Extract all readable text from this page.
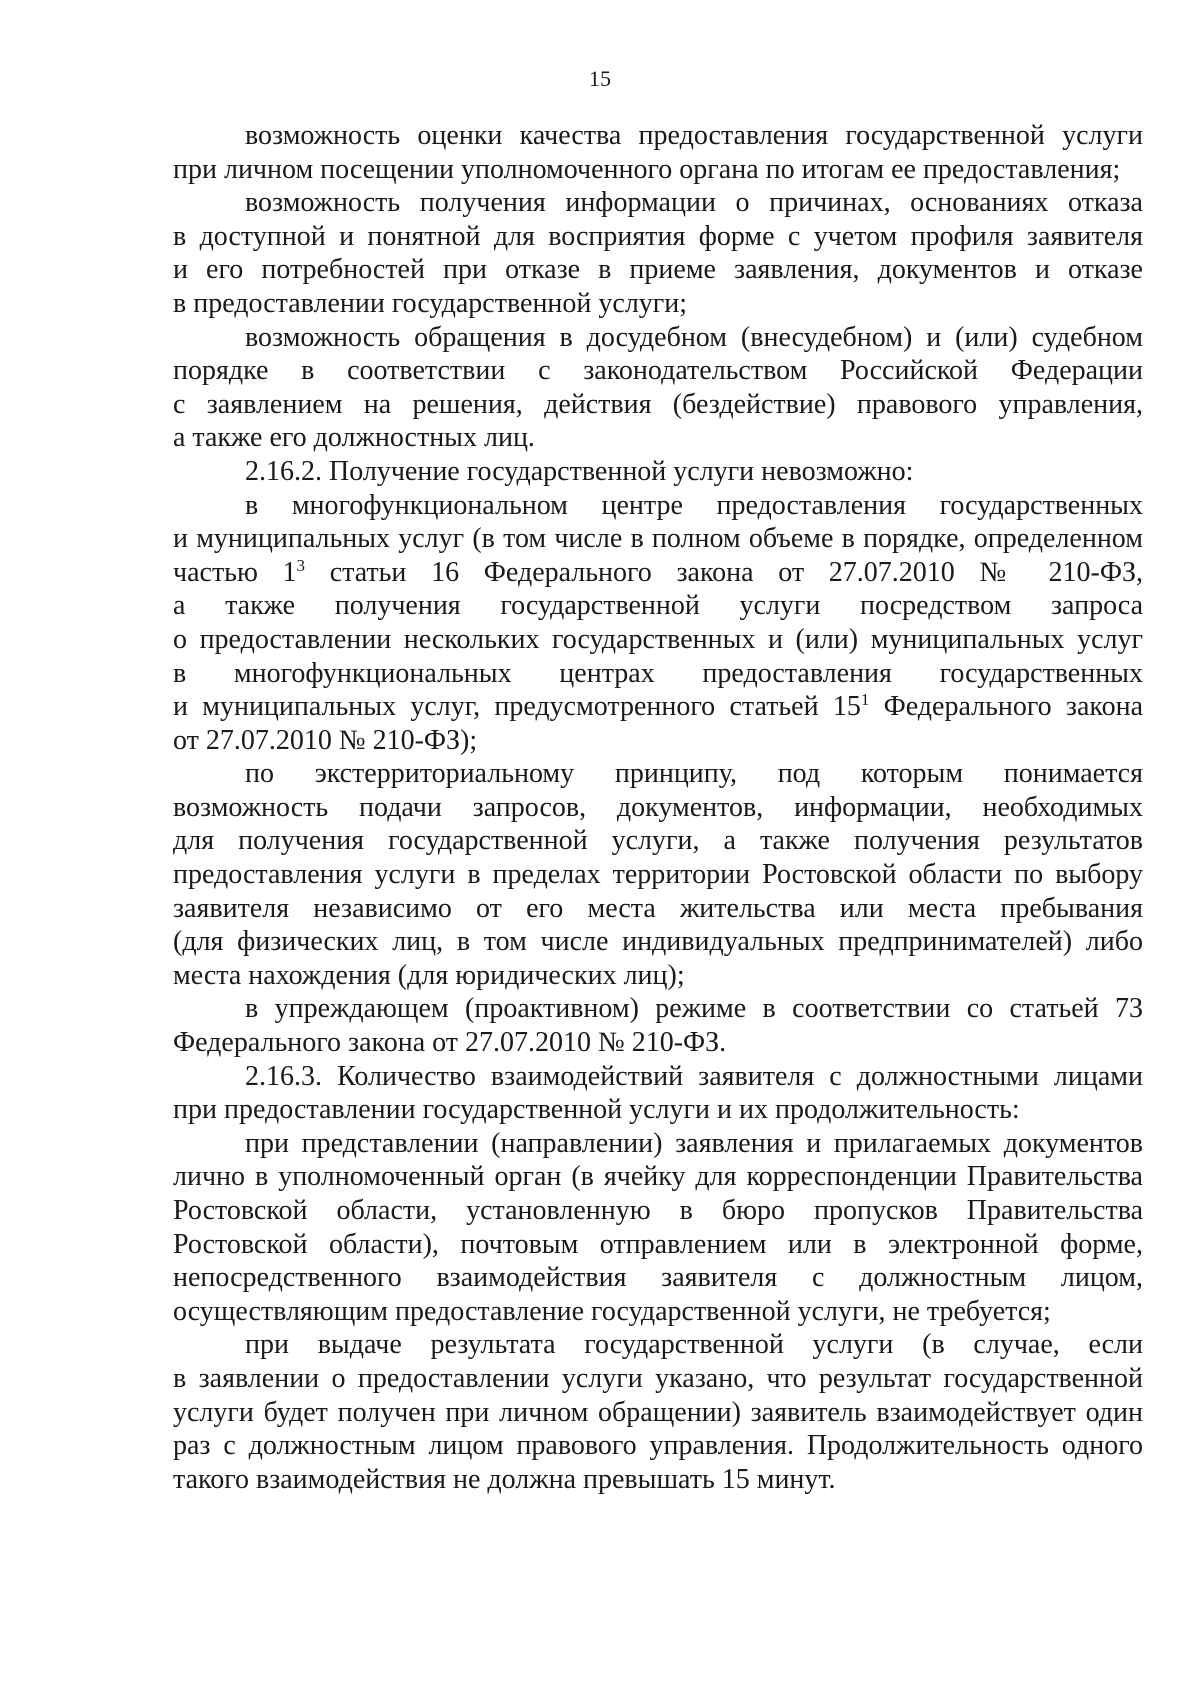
15
возможность оценки качества предоставления государственной услуги
при личном посещении уполномоченного органа по итогам ее предоставления;
возможность получения информации о причинах, основаниях отказа
в доступной и понятной для восприятия форме с учетом профиля заявителя
и его потребностей при отказе в приеме заявления, документов и отказе
в предоставлении государственной услуги;
возможность обращения в досудебном (внесудебном) и (или) судебном
порядке в соответствии с законодательством Российской Федерации
с заявлением на решения, действия (бездействие) правового управления,
а также его должностных лиц.
2.16.2. Получение государственной услуги невозможно:
в многофункциональном центре предоставления государственных
и муниципальных услуг (в том числе в полном объеме в порядке, определенном
частью $1^3$ статьи 16 Федерального закона от 27.07.2010 № 210-ФЗ,
а также получения государственной услуги посредством запроса
о предоставлении нескольких государственных и (или) муниципальных услуг
в многофункциональных центрах предоставления государственных
и муниципальных услуг, предусмотренного статьей $15^1$ Федерального закона
от 27.07.2010 № 210-ФЗ);
по экстерриториальному принципу, под которым понимается
возможность подачи запросов, документов, информации, необходимых
для получения государственной услуги, а также получения результатов
предоставления услуги в пределах территории Ростовской области по выбору
заявителя независимо от его места жительства или места пребывания
(для физических лиц, в том числе индивидуальных предпринимателей) либо
места нахождения (для юридических лиц);
в упреждающем (проактивном) режиме в соответствии со статьей 73
Федерального закона от 27.07.2010 № 210-ФЗ.
2.16.3. Количество взаимодействий заявителя с должностными лицами
при предоставлении государственной услуги и их продолжительность:
при представлении (направлении) заявления и прилагаемых документов
лично в уполномоченный орган (в ячейку для корреспонденции Правительства
Ростовской области, установленную в бюро пропусков Правительства
Ростовской области), почтовым отправлением или в электронной форме,
непосредственного взаимодействия заявителя с должностным лицом,
осуществляющим предоставление государственной услуги, не требуется;
при выдаче результата государственной услуги (в случае, если
в заявлении о предоставлении услуги указано, что результат государственной
услуги будет получен при личном обращении) заявитель взаимодействует один
раз с должностным лицом правового управления. Продолжительность одного
такого взаимодействия не должна превышать 15 минут.
